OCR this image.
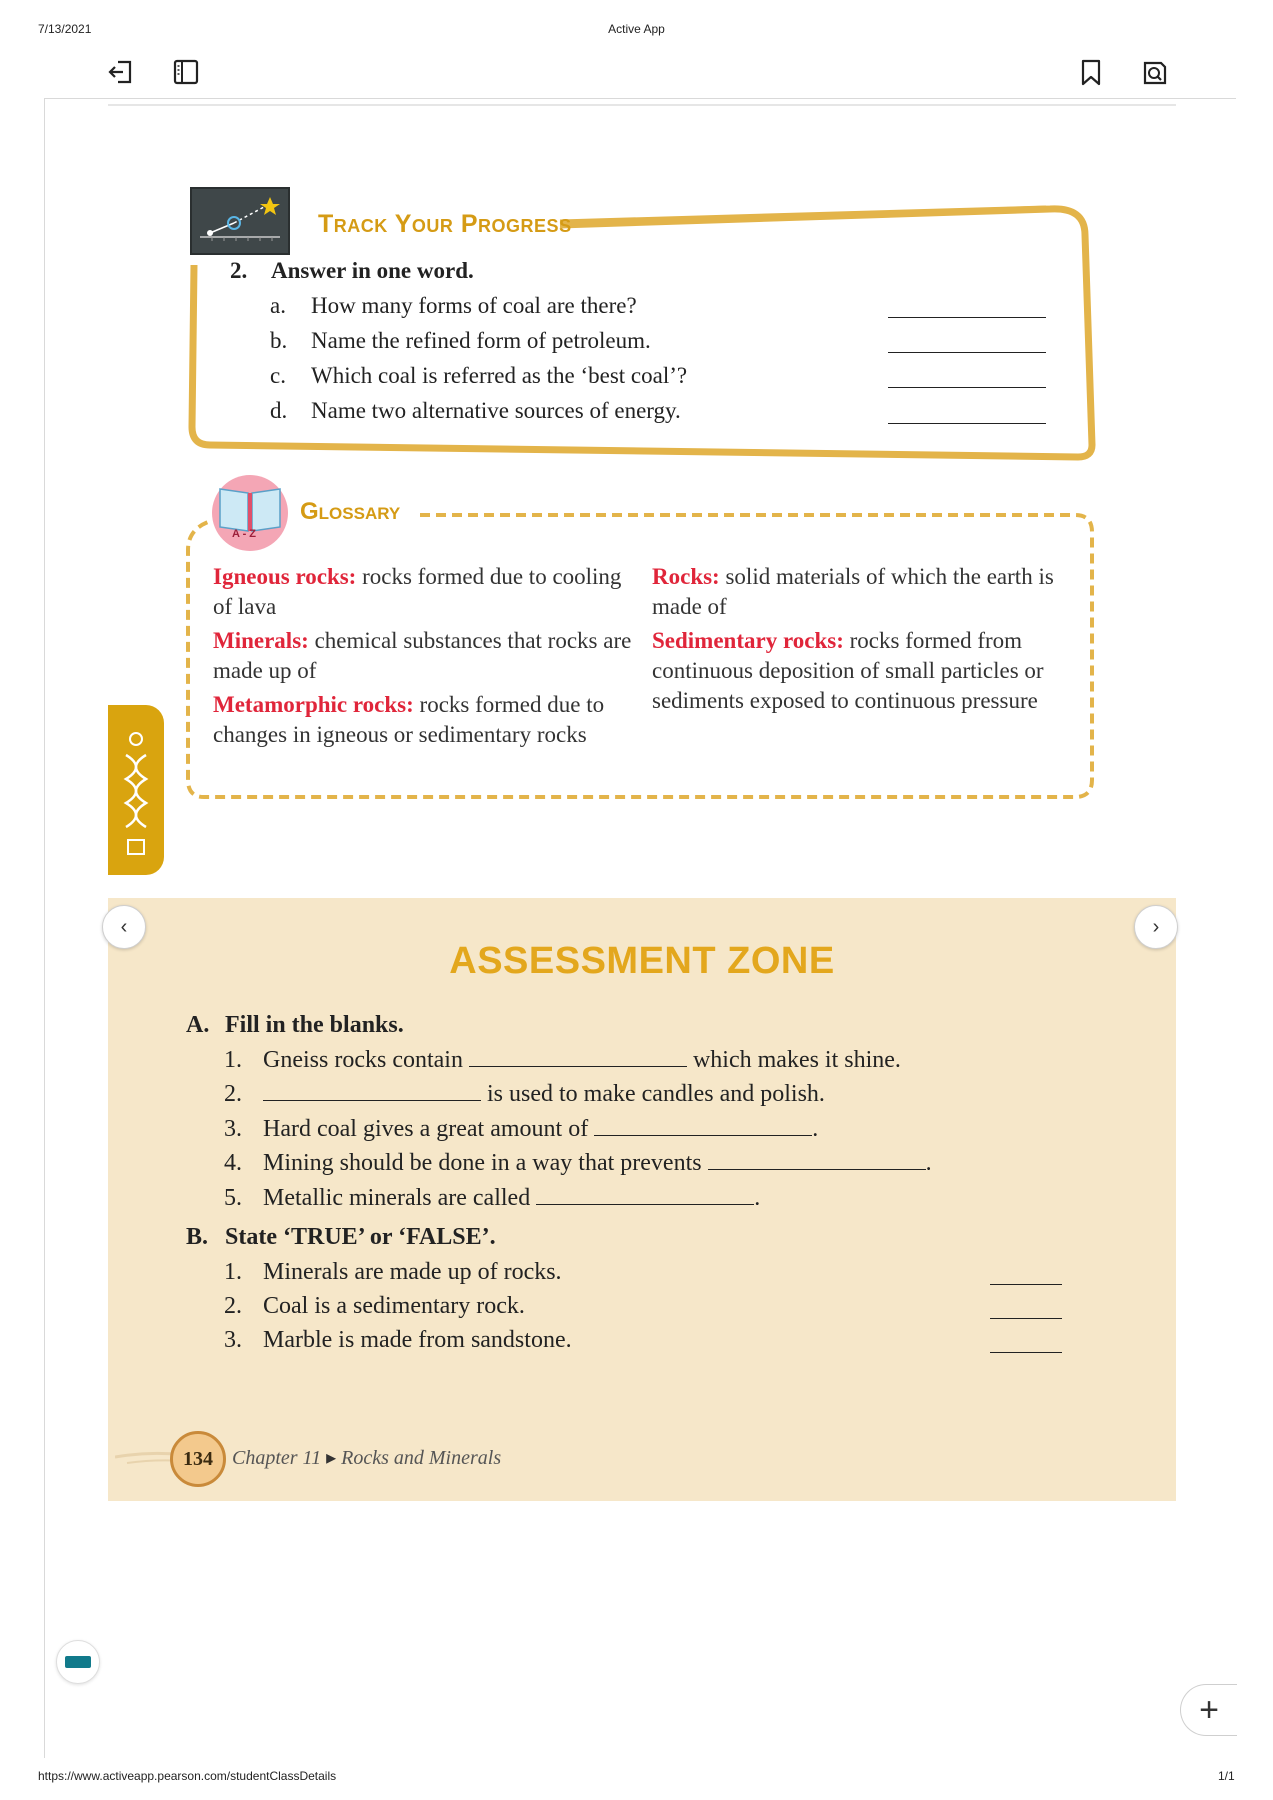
7/13/2021	Active App
Track Your Progress
2. Answer in one word.
a. How many forms of coal are there?
b. Name the refined form of petroleum.
c. Which coal is referred as the ‘best coal’?
d. Name two alternative sources of energy.
A - Z
Glossary

Igneous rocks: rocks formed due to cooling of lava

Minerals: chemical substances that rocks are made up of

Metamorphic rocks: rocks formed due to changes in igneous or sedimentary rocks

Rocks: solid materials of which the earth is made of

Sedimentary rocks: rocks formed from continuous deposition of small particles or sediments exposed to continuous pressure

ASSESSMENT ZONE
A. Fill in the blanks.
1. Gneiss rocks contain	which makes it shine.
2.	is used to make candles and polish.
3. Hard coal gives a great amount of	.
4. Mining should be done in a way that prevents	.
5. Metallic minerals are called	.
B. State ‘TRUE’ or ‘FALSE’.
1. Minerals are made up of rocks.
2. Coal is a sedimentary rock.
3. Marble is made from sandstone.
134 Chapter 11 ▸ Rocks and Minerals
‹	›
+
https://www.activeapp.pearson.com/studentClassDetails	1/1
